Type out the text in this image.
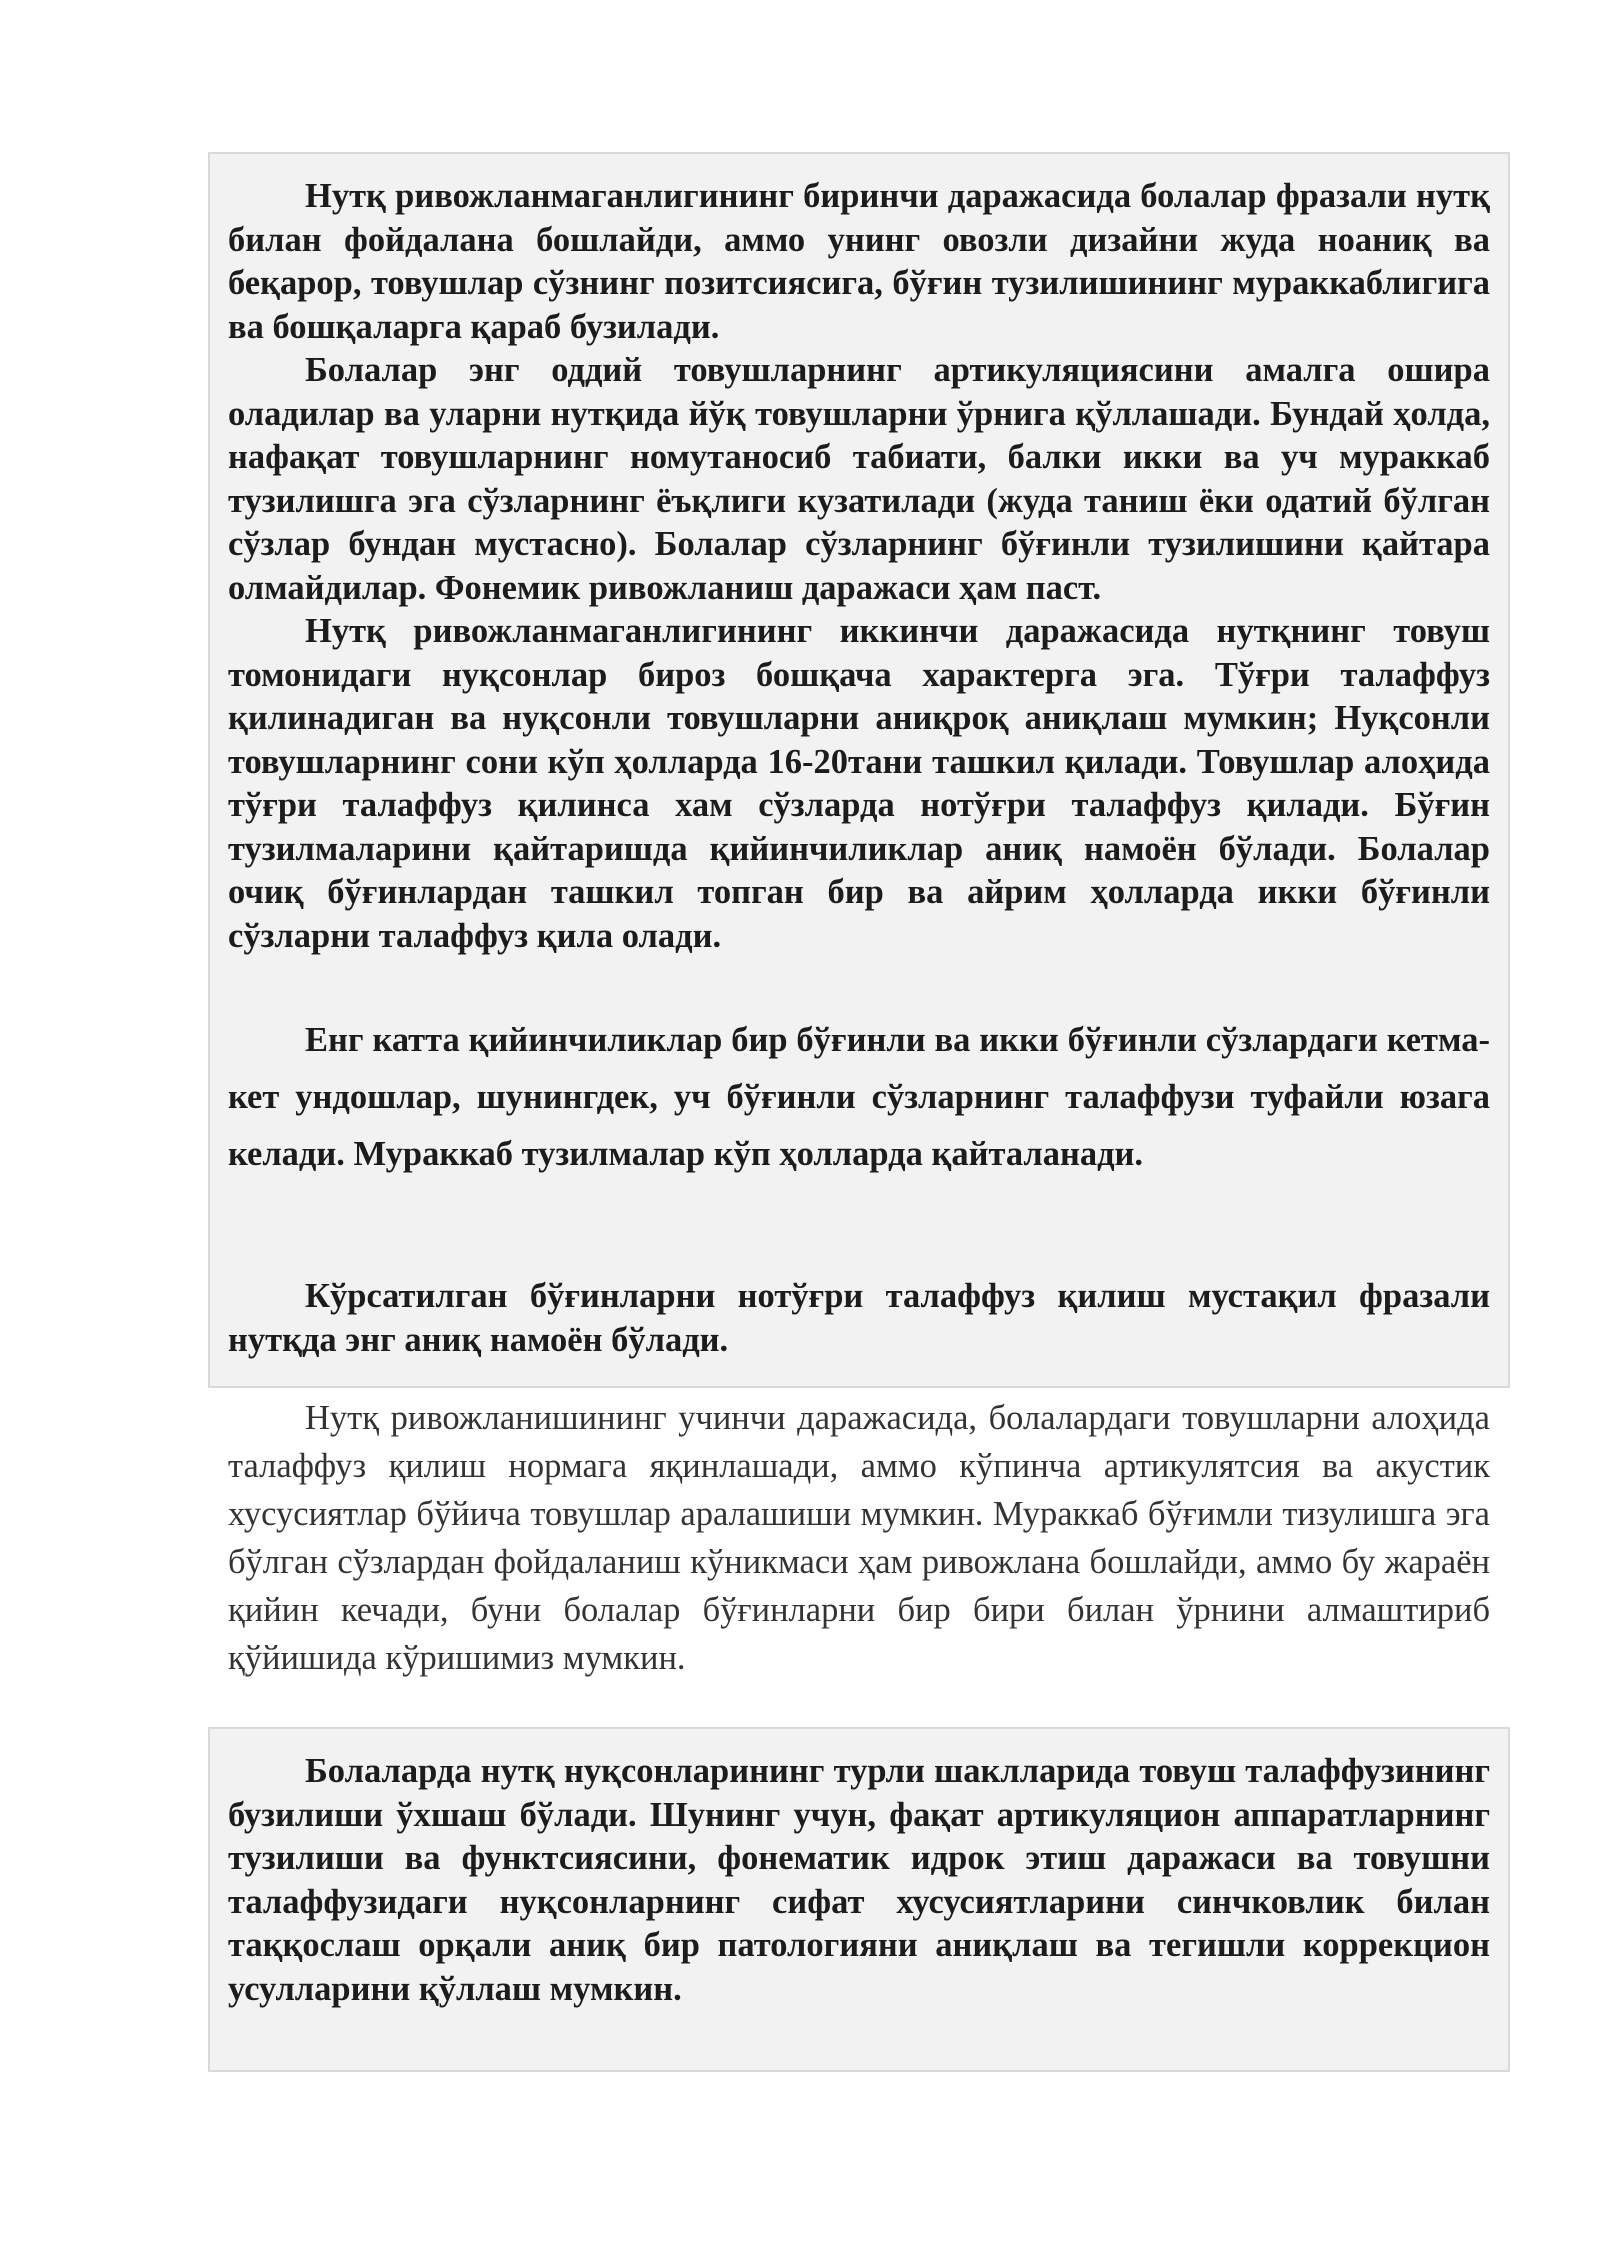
Нутқ ривожланмаганлигининг биринчи даражасида болалар фразали нутқ билан фойдалана бошлайди, аммо унинг овозли дизайни жуда ноаниқ ва беқарор, товушлар сўзнинг позитсиясига, бўғин тузилишининг мураккаблигига ва бошқаларга қараб бузилади.

Болалар энг оддий товушларнинг артикуляциясини амалга ошира оладилар ва уларни нутқида йўқ товушларни ўрнига қўллашади. Бундай ҳолда, нафақат товушларнинг номутаносиб табиати, балки икки ва уч мураккаб тузилишга эга сўзларнинг ёъқлиги кузатилади (жуда таниш ёки одатий бўлган сўзлар бундан мустасно). Болалар сўзларнинг бўғинли тузилишини қайтара олмайдилар. Фонемик ривожланиш даражаси ҳам паст.

Нутқ ривожланмаганлигининг иккинчи даражасида нутқнинг товуш томонидаги нуқсонлар бироз бошқача характерга эга. Тўғри талаффуз қилинадиган ва нуқсонли товушларни аниқроқ аниқлаш мумкин; Нуқсонли товушларнинг сони кўп ҳолларда 16-20тани ташкил қилади. Товушлар алоҳида тўғри талаффуз қилинса хам сўзларда нотўғри талаффуз қилади. Бўғин тузилмаларини қайтаришда қийинчиликлар аниқ намоён бўлади. Болалар очиқ бўғинлардан ташкил топган бир ва айрим ҳолларда икки бўғинли сўзларни талаффуз қила олади.

Енг катта қийинчиликлар бир бўғинли ва икки бўғинли сўзлардаги кетма-кет ундошлар, шунингдек, уч бўғинли сўзларнинг талаффузи туфайли юзага келади. Мураккаб тузилмалар кўп ҳолларда қайталанади.

Кўрсатилган бўғинларни нотўғри талаффуз қилиш мустақил фразали нутқда энг аниқ намоён бўлади.

Нутқ ривожланишининг учинчи даражасида, болалардаги товушларни алоҳида талаффуз қилиш нормага яқинлашади, аммо кўпинча артикулятсия ва акустик хусусиятлар бўйича товушлар аралашиши мумкин. Мураккаб бўғимли тизулишга эга бўлган сўзлардан фойдаланиш кўникмаси ҳам ривожлана бошлайди, аммо бу жараён қийин кечади, буни болалар бўғинларни бир бири билан ўрнини алмаштириб қўйишида кўришимиз мумкин.

Болаларда нутқ нуқсонларининг турли шаклларида товуш талаффузининг бузилиши ўхшаш бўлади. Шунинг учун, фақат артикуляцион аппаратларнинг тузилиши ва функтсиясини, фонематик идрок этиш даражаси ва товушни талаффузидаги нуқсонларнинг сифат хусусиятларини синчковлик билан таққослаш орқали аниқ бир патологияни аниқлаш ва тегишли коррекцион усулларини қўллаш мумкин.
